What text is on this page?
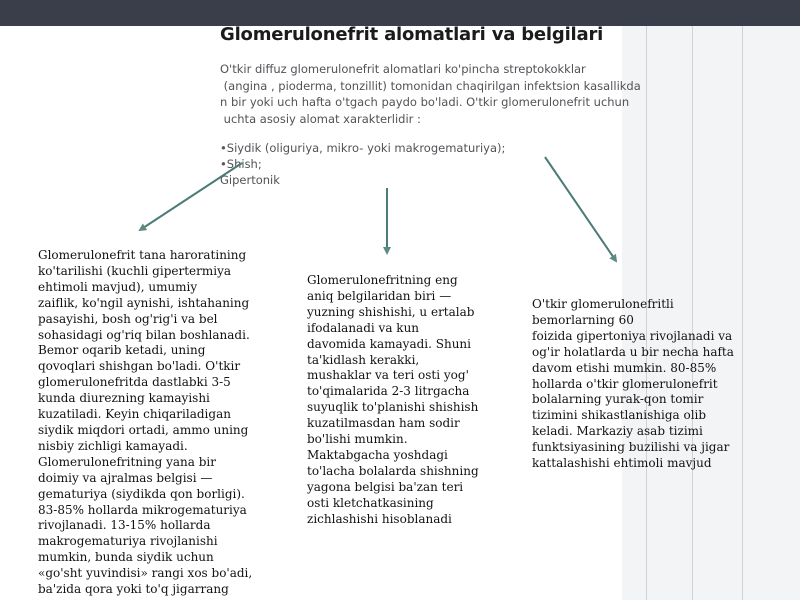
Glomerulonefrit alomatlari va belgilari

O'tkir diffuz glomerulonefrit alomatlari ko'pincha streptokokklar

(angina , pioderma, tonzillit) tomonidan chaqirilgan infektsion kasallikda

n bir yoki uch hafta o'tgach paydo bo'ladi. O'tkir glomerulonefrit uchun

uchta asosiy alomat xarakterlidir :

•Siydik (oliguriya, mikro- yoki makrogematuriya);
•Shish;
Gipertonik
Glomerulonefrit tana haroratining
ko'tarilishi (kuchli gipertermiya
ehtimoli mavjud), umumiy
zaiflik, ko'ngil aynishi, ishtahaning
pasayishi, bosh og'rig'i va bel
sohasidagi og'riq bilan boshlanadi.
Bemor oqarib ketadi, uning
qovoqlari shishgan bo'ladi. O'tkir
glomerulonefritda dastlabki 3-5
kunda diurezning kamayishi
kuzatiladi. Keyin chiqariladigan
siydik miqdori ortadi, ammo uning
nisbiy zichligi kamayadi.
Glomerulonefritning yana bir
doimiy va ajralmas belgisi —
gematuriya (siydikda qon borligi).
83-85% hollarda mikrogematuriya
rivojlanadi. 13-15% hollarda
makrogematuriya rivojlanishi
mumkin, bunda siydik uchun
«go'sht yuvindisi» rangi xos bo'adi,
ba'zida qora yoki to'q jigarrang
Glomerulonefritning eng
aniq belgilaridan biri —
yuzning shishishi, u ertalab
ifodalanadi va kun
davomida kamayadi. Shuni
ta'kidlash kerakki,
mushaklar va teri osti yog'
to'qimalarida 2-3 litrgacha
suyuqlik to'planishi shishish
kuzatilmasdan ham sodir
bo'lishi mumkin.
Maktabgacha yoshdagi
to'lacha bolalarda shishning
yagona belgisi ba'zan teri
osti kletchatkasining
zichlashishi hisoblanadi
O'tkir glomerulonefritli
bemorlarning 60
foizida gipertoniya rivojlanadi va
og'ir holatlarda u bir necha hafta
davom etishi mumkin. 80-85%
hollarda o'tkir glomerulonefrit
bolalarning yurak-qon tomir
tizimini shikastlanishiga olib
keladi. Markaziy asab tizimi
funktsiyasining buzilishi va jigar
kattalashishi ehtimoli mavjud
